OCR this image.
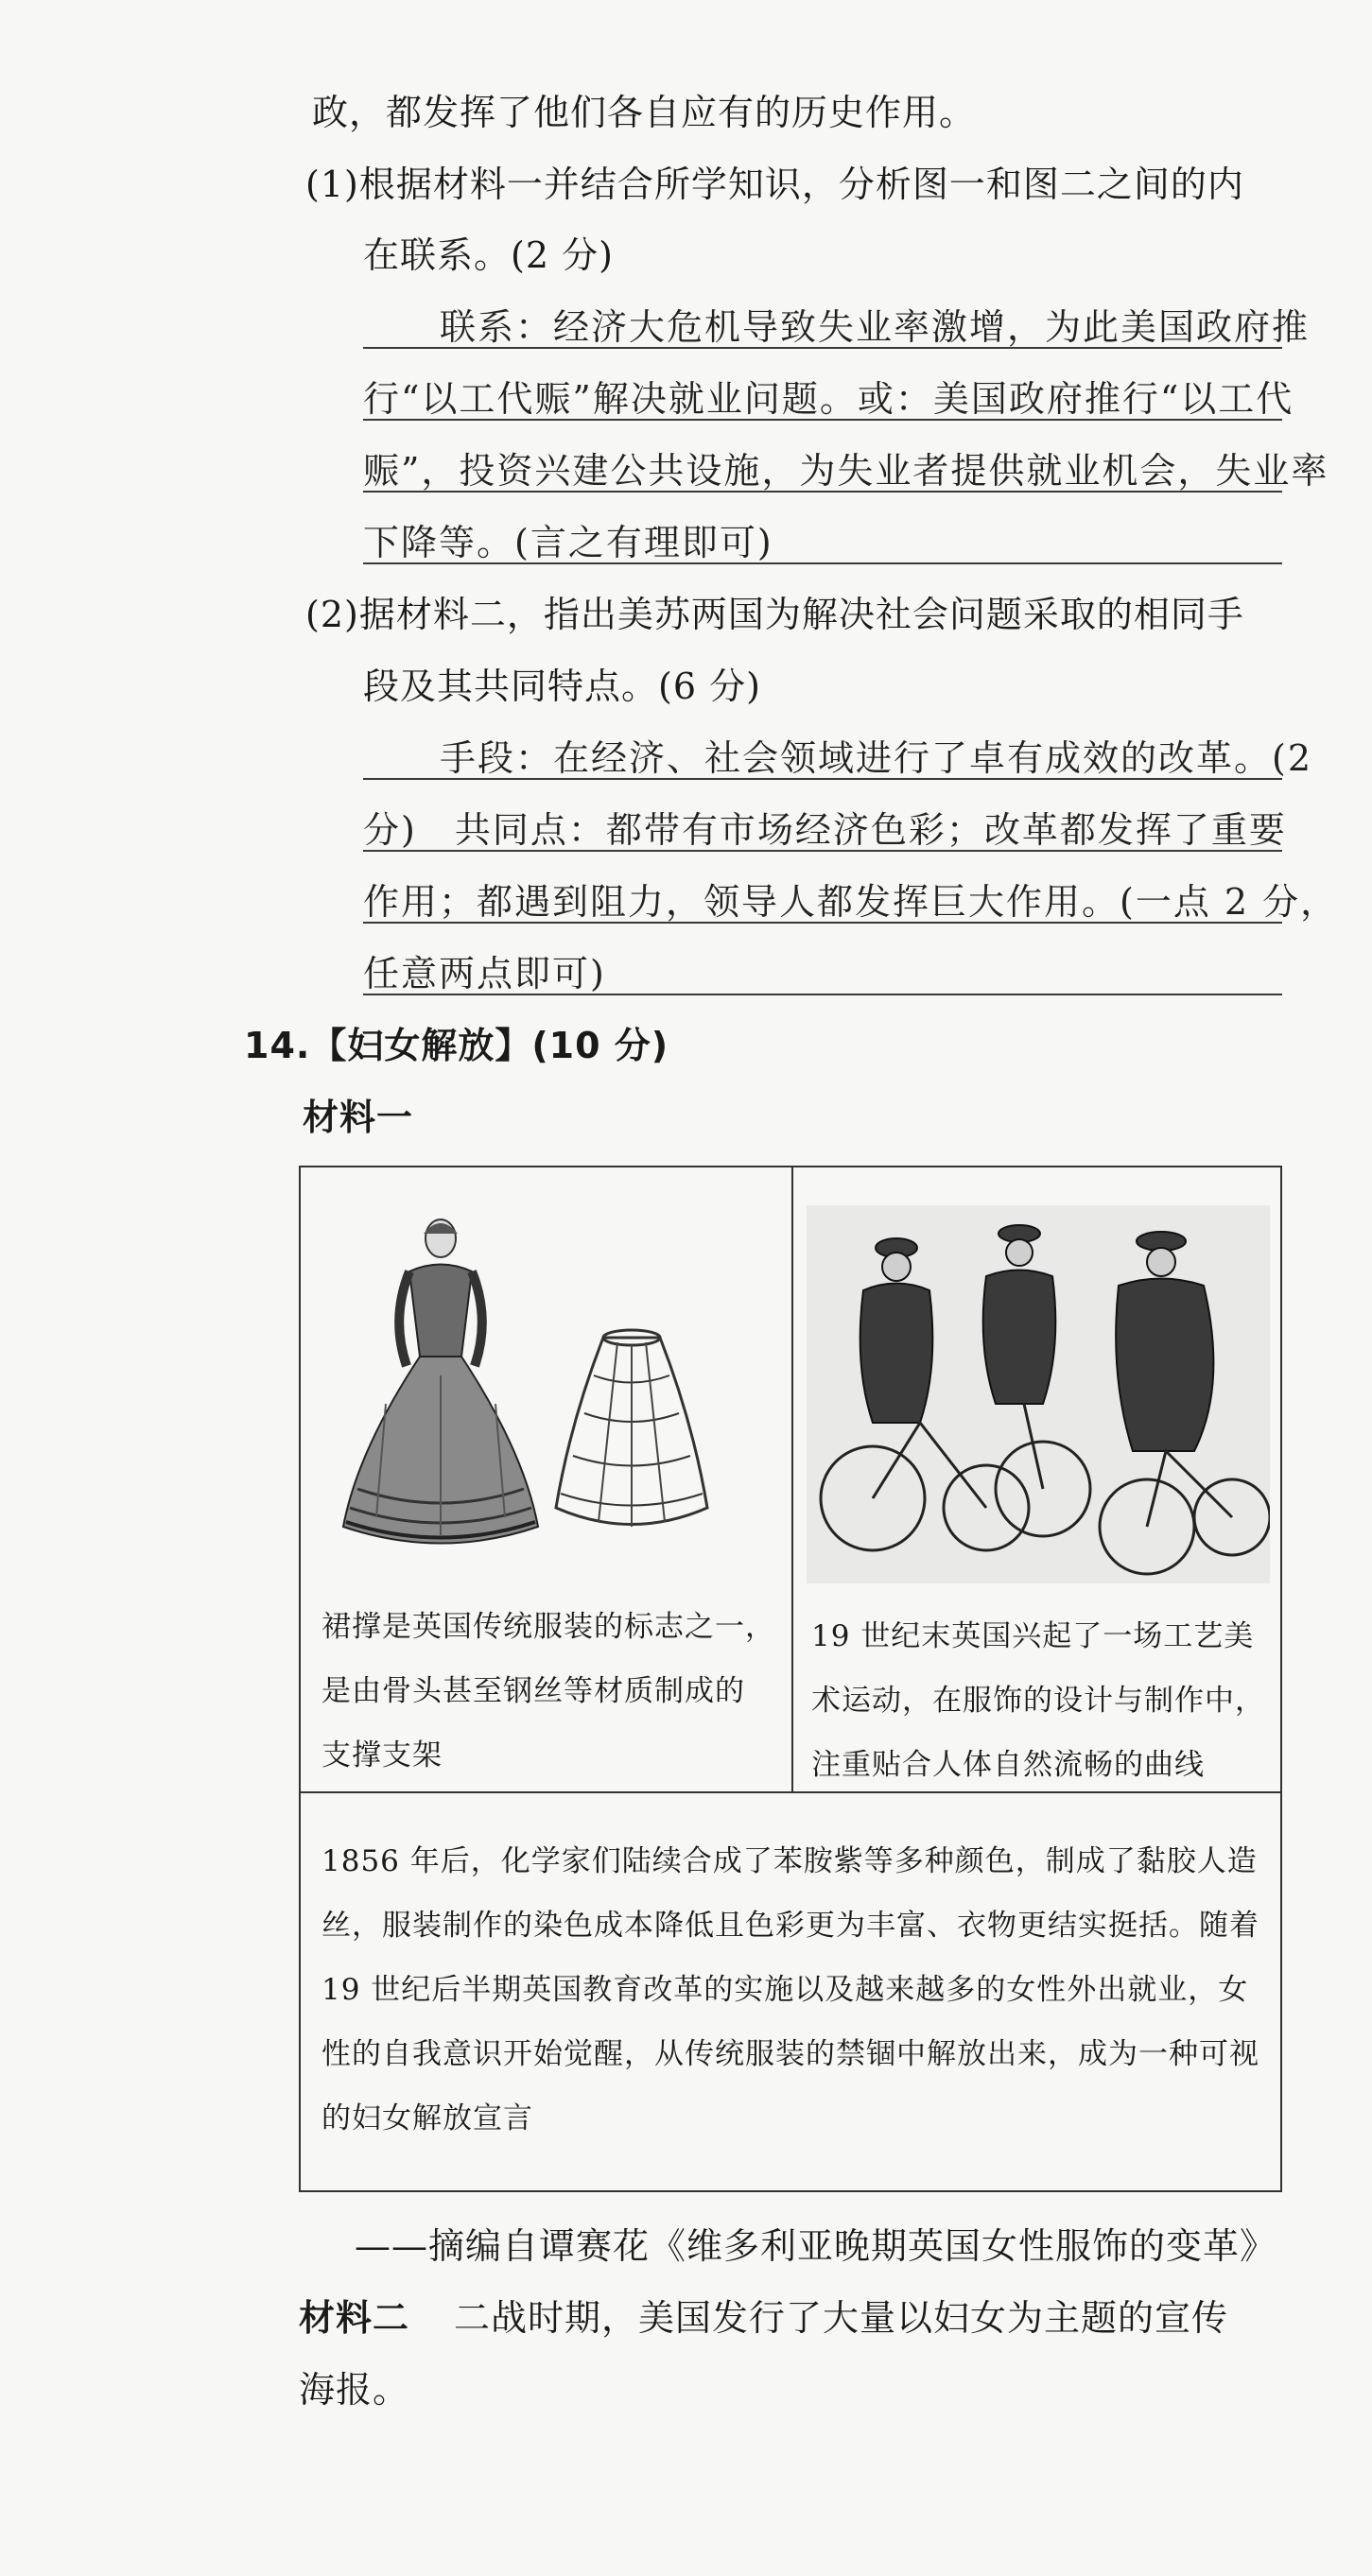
政，都发挥了他们各自应有的历史作用。
(1)根据材料一并结合所学知识，分析图一和图二之间的内
在联系。(2 分)
联系：经济大危机导致失业率激增，为此美国政府推
行“以工代赈”解决就业问题。或：美国政府推行“以工代
赈”，投资兴建公共设施，为失业者提供就业机会，失业率
下降等。(言之有理即可)
(2)据材料二，指出美苏两国为解决社会问题采取的相同手
段及其共同特点。(6 分)
手段：在经济、社会领域进行了卓有成效的改革。(2
分)　共同点：都带有市场经济色彩；改革都发挥了重要
作用；都遇到阻力，领导人都发挥巨大作用。(一点 2 分，
任意两点即可)
14.【妇女解放】(10 分)
材料一
裙撑是英国传统服装的标志之一，
是由骨头甚至钢丝等材质制成的
支撑支架
19 世纪末英国兴起了一场工艺美
术运动，在服饰的设计与制作中，
注重贴合人体自然流畅的曲线
1856 年后，化学家们陆续合成了苯胺紫等多种颜色，制成了黏胶人造
丝，服装制作的染色成本降低且色彩更为丰富、衣物更结实挺括。随着
19 世纪后半期英国教育改革的实施以及越来越多的女性外出就业，女
性的自我意识开始觉醒，从传统服装的禁锢中解放出来，成为一种可视
的妇女解放宣言
——摘编自谭赛花《维多利亚晚期英国女性服饰的变革》
材料二 二战时期，美国发行了大量以妇女为主题的宣传
海报。
